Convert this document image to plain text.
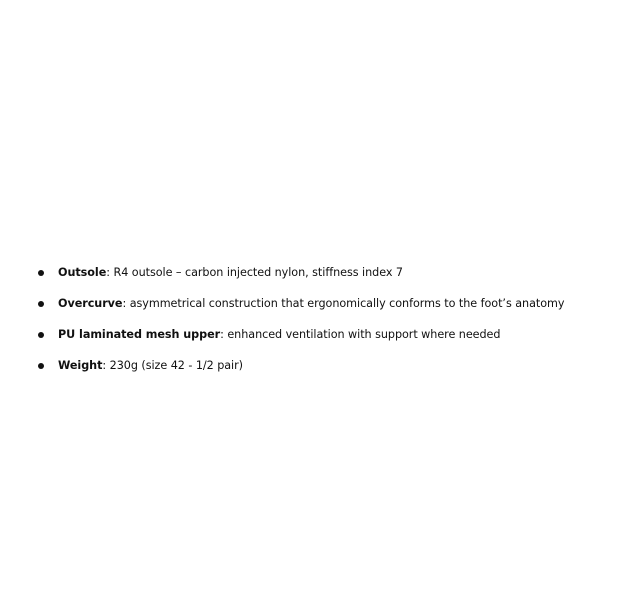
Outsole: R4 outsole – carbon injected nylon, stiffness index 7
Overcurve: asymmetrical construction that ergonomically conforms to the foot’s anatomy
PU laminated mesh upper: enhanced ventilation with support where needed
Weight: 230g (size 42 - 1/2 pair)
